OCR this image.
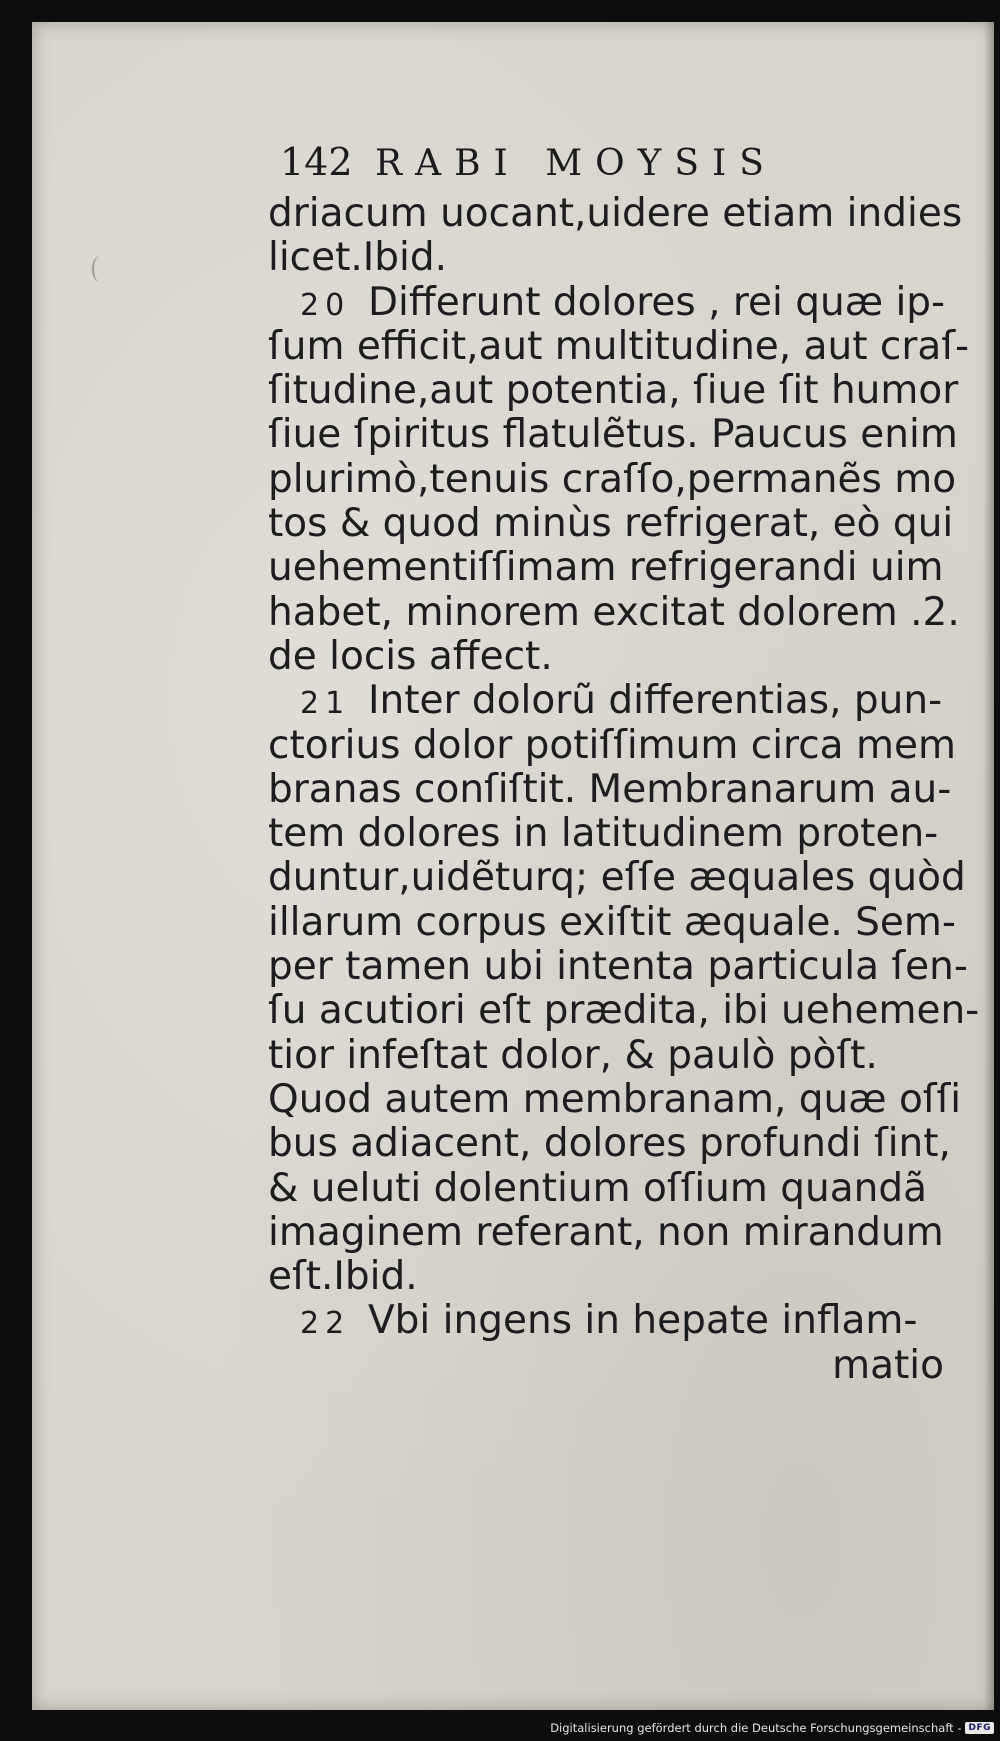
142 RABI MOYSIS
driacum uocant,uidere etiam indies
licet.Ibid.
20 Differunt dolores , rei quæ ip-
ſum efficit,aut multitudine, aut craſ-
ſitudine,aut potentia, ſiue ſit humor
ſiue ſpiritus flatulẽtus. Paucus enim
plurimò,tenuis craſſo,permanẽs mo
tos & quod minùs refrigerat, eò qui
uehementiſſimam refrigerandi uim
habet, minorem excitat dolorem .2.
de locis affect.
21 Inter dolorũ differentias, pun-
ctorius dolor potiſſimum circa mem
branas conſiſtit. Membranarum au-
tem dolores in latitudinem proten-
duntur,uidẽturq; eſſe æquales quòd
illarum corpus exiſtit æquale. Sem-
per tamen ubi intenta particula ſen-
ſu acutiori eſt prædita, ibi uehemen-
tior infeſtat dolor, & paulò pòſt.
Quod autem membranam, quæ oſſi
bus adiacent, dolores profundi ſint,
& ueluti dolentium oſſium quandã
imaginem referant, non mirandum
eſt.Ibid.
22 Vbi ingens in hepate inflam-
matio
Digitalisierung gefördert durch die Deutsche Forschungsgemeinschaft - DFG
